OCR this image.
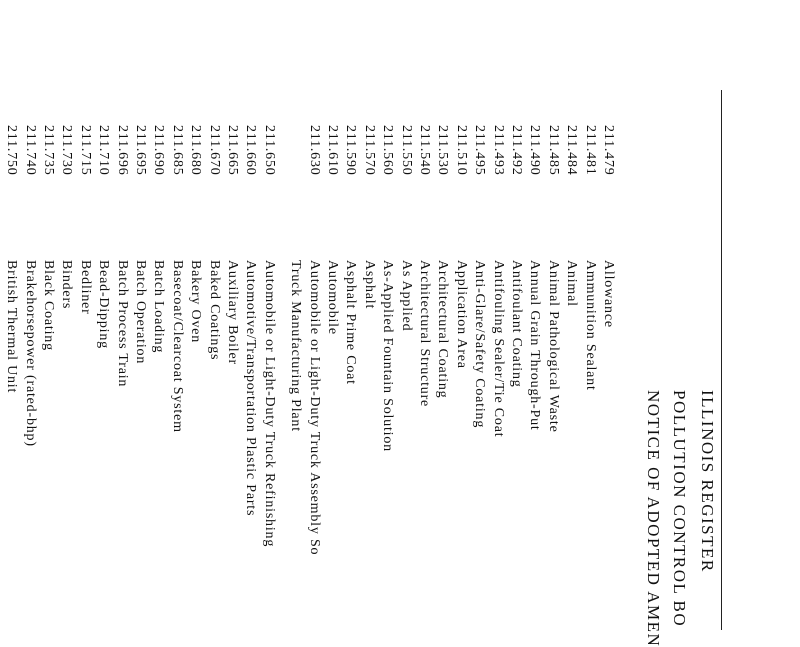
ILLINOIS REGISTER
POLLUTION CONTROL BO
NOTICE OF ADOPTED AMEN
211.479
Allowance
211.481
Ammunition Sealant
211.484
Animal
211.485
Animal Pathological Waste
211.490
Annual Grain Through-Put
211.492
Antifoulant Coating
211.493
Antifouling Sealer/Tie Coat
211.495
Anti-Glare/Safety Coating
211.510
Application Area
211.530
Architectural Coating
211.540
Architectural Structure
211.550
As Applied
211.560
As-Applied Fountain Solution
211.570
Asphalt
211.590
Asphalt Prime Coat
211.610
Automobile
211.630
Automobile or Light-Duty Truck Assembly So
Truck Manufacturing Plant
211.650
Automobile or Light-Duty Truck Refinishing
211.660
Automotive/Transportation Plastic Parts
211.665
Auxiliary Boiler
211.670
Baked Coatings
211.680
Bakery Oven
211.685
Basecoat/Clearcoat System
211.690
Batch Loading
211.695
Batch Operation
211.696
Batch Process Train
211.710
Bead-Dipping
211.715
Bedliner
211.730
Binders
211.735
Black Coating
211.740
Brakehorsepower (rated-bhp)
211.750
British Thermal Unit
